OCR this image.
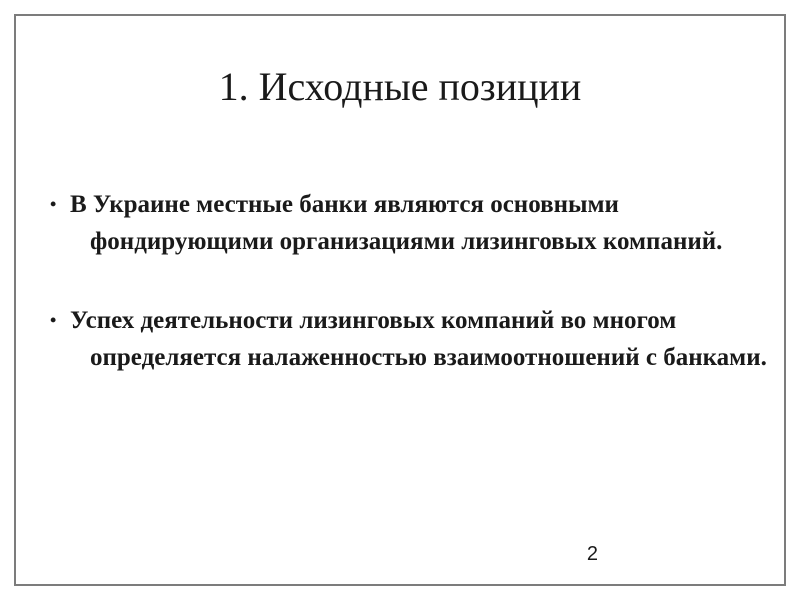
1. Исходные позиции
• В Украине местные банки являются основными фондирующими организациями лизинговых компаний.
• Успех деятельности лизинговых компаний во многом определяется налаженностью взаимоотношений с банками.
2
